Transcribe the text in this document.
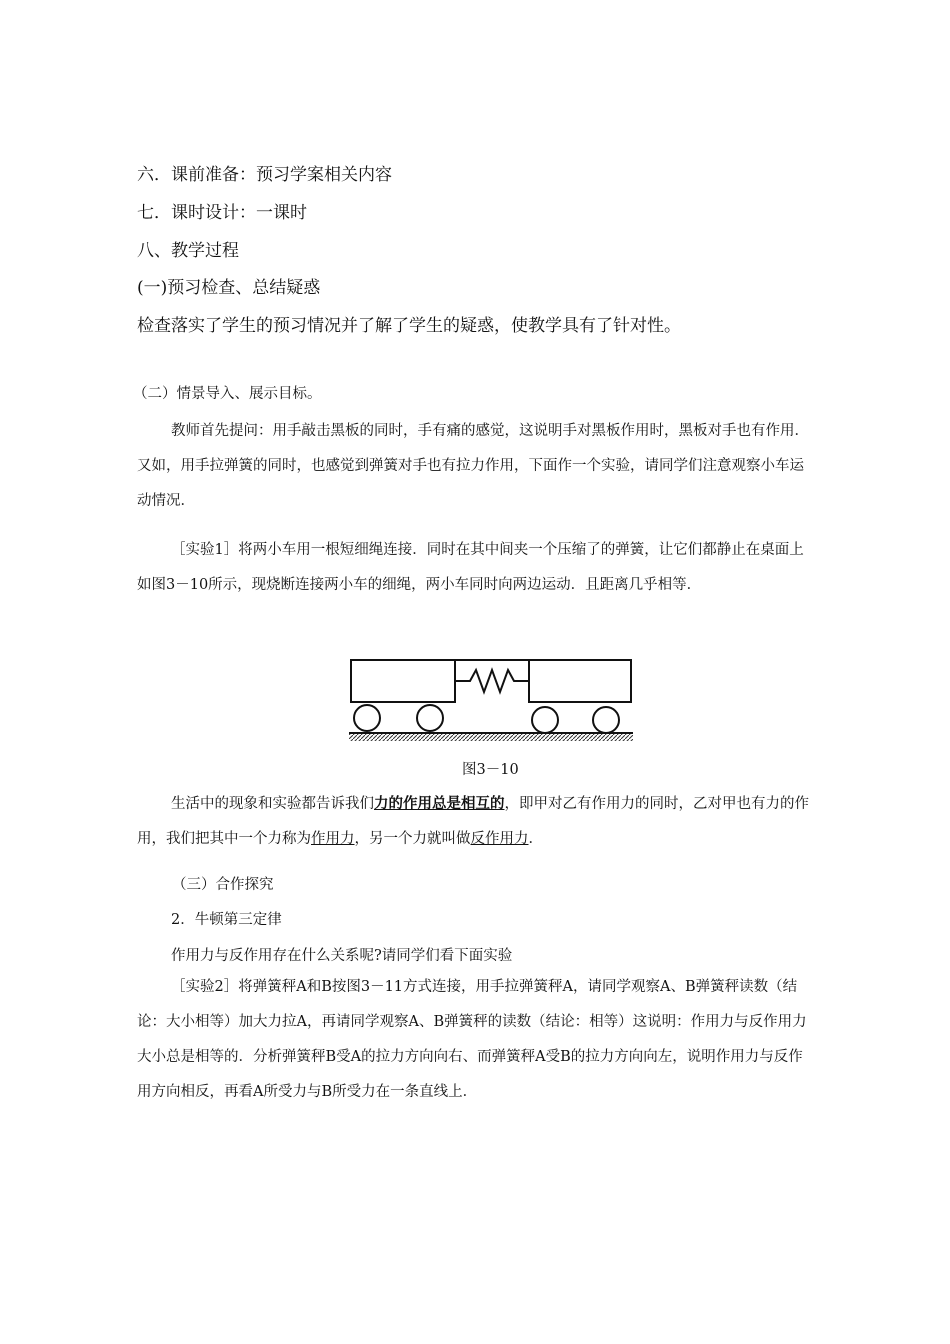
六．课前准备：预习学案相关内容
七．课时设计：一课时
八、教学过程
(一)预习检查、总结疑惑
检查落实了学生的预习情况并了解了学生的疑惑，使教学具有了针对性。
（二）情景导入、展示目标。
教师首先提问：用手敲击黑板的同时，手有痛的感觉，这说明手对黑板作用时，黑板对手也有作用．又如，用手拉弹簧的同时，也感觉到弹簧对手也有拉力作用，下面作一个实验，请同学们注意观察小车运动情况．
［实验1］将两小车用一根短细绳连接．同时在其中间夹一个压缩了的弹簧，让它们都静止在桌面上如图3－10所示，现烧断连接两小车的细绳，两小车同时向两边运动．且距离几乎相等．
图3－10
生活中的现象和实验都告诉我们力的作用总是相互的，即甲对乙有作用力的同时，乙对甲也有力的作用，我们把其中一个力称为作用力，另一个力就叫做反作用力．
（三）合作探究
2．牛顿第三定律
作用力与反作用存在什么关系呢?请同学们看下面实验
［实验2］将弹簧秤A和B按图3－11方式连接，用手拉弹簧秤A，请同学观察A、B弹簧秤读数（结论：大小相等）加大力拉A，再请同学观察A、B弹簧秤的读数（结论：相等）这说明：作用力与反作用力大小总是相等的．分析弹簧秤B受A的拉力方向向右、而弹簧秤A受B的拉力方向向左，说明作用力与反作用方向相反，再看A所受力与B所受力在一条直线上．
